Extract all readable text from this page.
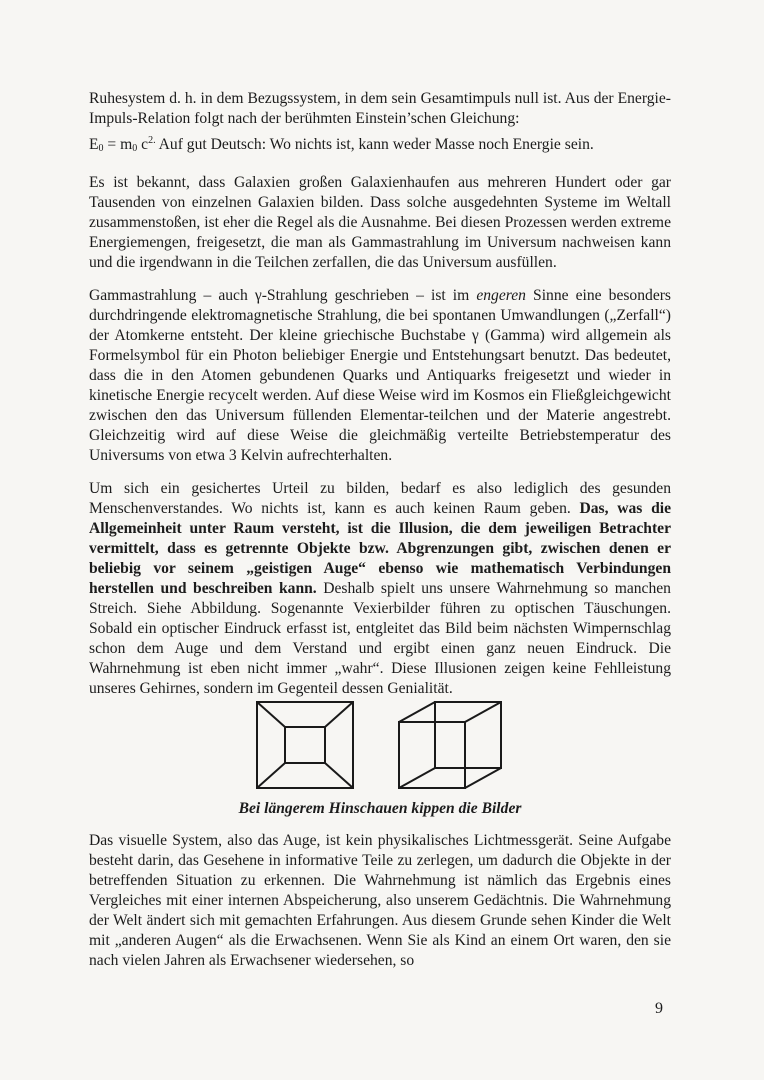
Ruhesystem d. h. in dem Bezugssystem, in dem sein Gesamtimpuls null ist. Aus der Energie-Impuls-Relation folgt nach der berühmten Einstein’schen Gleichung:

$E_0 = m_0$ $c^{2.}$ Auf gut Deutsch: Wo nichts ist, kann weder Masse noch Energie sein.

Es ist bekannt, dass Galaxien großen Galaxienhaufen aus mehreren Hundert oder gar Tausenden von einzelnen Galaxien bilden. Dass solche ausgedehnten Systeme im Weltall zusammenstoßen, ist eher die Regel als die Ausnahme. Bei diesen Prozessen werden extreme Energiemengen, freigesetzt, die man als Gammastrahlung im Universum nachweisen kann und die irgendwann in die Teilchen zerfallen, die das Universum ausfüllen.

Gammastrahlung – auch γ-Strahlung geschrieben – ist im engeren Sinne eine besonders durchdringende elektromagnetische Strahlung, die bei spontanen Umwandlungen („Zerfall“) der Atomkerne entsteht. Der kleine griechische Buchstabe γ (Gamma) wird allgemein als Formelsymbol für ein Photon beliebiger Energie und Entstehungsart benutzt. Das bedeutet, dass die in den Atomen gebundenen Quarks und Antiquarks freigesetzt und wieder in kinetische Energie recycelt werden. Auf diese Weise wird im Kosmos ein Fließgleichgewicht zwischen den das Universum füllenden Elementar-teilchen und der Materie angestrebt. Gleichzeitig wird auf diese Weise die gleichmäßig verteilte Betriebstemperatur des Universums von etwa 3 Kelvin aufrechterhalten.

Um sich ein gesichertes Urteil zu bilden, bedarf es also lediglich des gesunden Menschenverstandes. Wo nichts ist, kann es auch keinen Raum geben. Das, was die Allgemeinheit unter Raum versteht, ist die Illusion, die dem jeweiligen Betrachter vermittelt, dass es getrennte Objekte bzw. Abgrenzungen gibt, zwischen denen er beliebig vor seinem „geistigen Auge“ ebenso wie mathematisch Verbindungen herstellen und beschreiben kann. Deshalb spielt uns unsere Wahrnehmung so manchen Streich. Siehe Abbildung. Sogenannte Vexierbilder führen zu optischen Täuschungen. Sobald ein optischer Eindruck erfasst ist, entgleitet das Bild beim nächsten Wimpernschlag schon dem Auge und dem Verstand und ergibt einen ganz neuen Eindruck. Die Wahrnehmung ist eben nicht immer „wahr“. Diese Illusionen zeigen keine Fehlleistung unseres Gehirnes, sondern im Gegenteil dessen Genialität.

Bei längerem Hinschauen kippen die Bilder

Das visuelle System, also das Auge, ist kein physikalisches Lichtmessgerät. Seine Aufgabe besteht darin, das Gesehene in informative Teile zu zerlegen, um dadurch die Objekte in der betreffenden Situation zu erkennen. Die Wahrnehmung ist nämlich das Ergebnis eines Vergleiches mit einer internen Abspeicherung, also unserem Gedächtnis. Die Wahrnehmung der Welt ändert sich mit gemachten Erfahrungen. Aus diesem Grunde sehen Kinder die Welt mit „anderen Augen“ als die Erwachsenen. Wenn Sie als Kind an einem Ort waren, den sie nach vielen Jahren als Erwachsener wiedersehen, so

9
